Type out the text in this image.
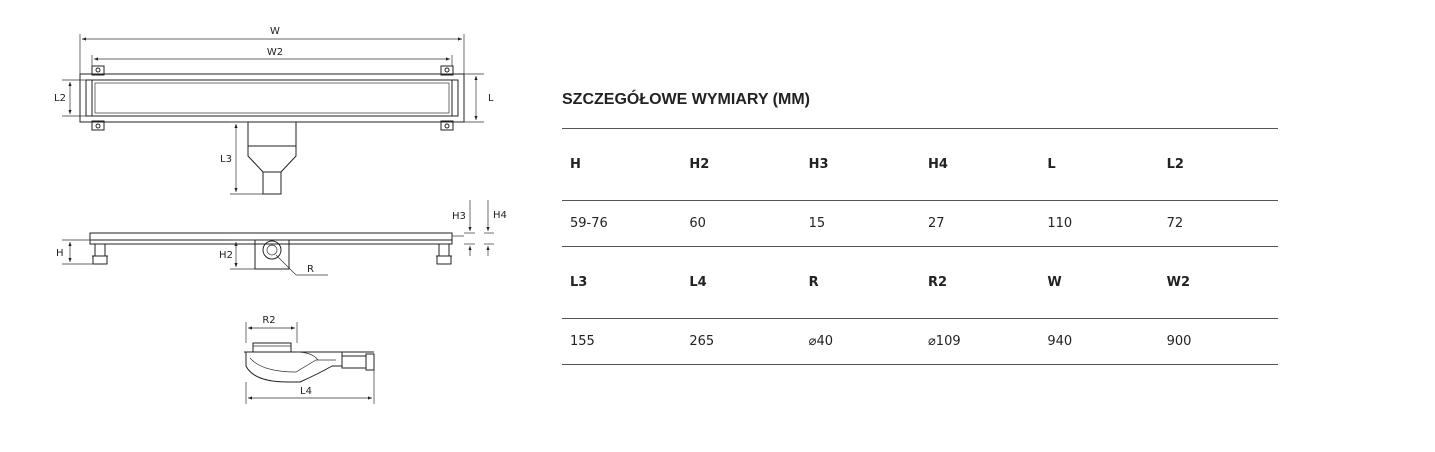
W
W2
L2	L
L3
R
H	H2
H3	H4
R2
L4
SZCZEGÓŁOWE WYMIARY (MM)
H	H2	H3	H4	L	L2
59-76	60	15	27	110	72
L3	L4	R	R2	W	W2
155	265	⌀40	⌀109	940	900
